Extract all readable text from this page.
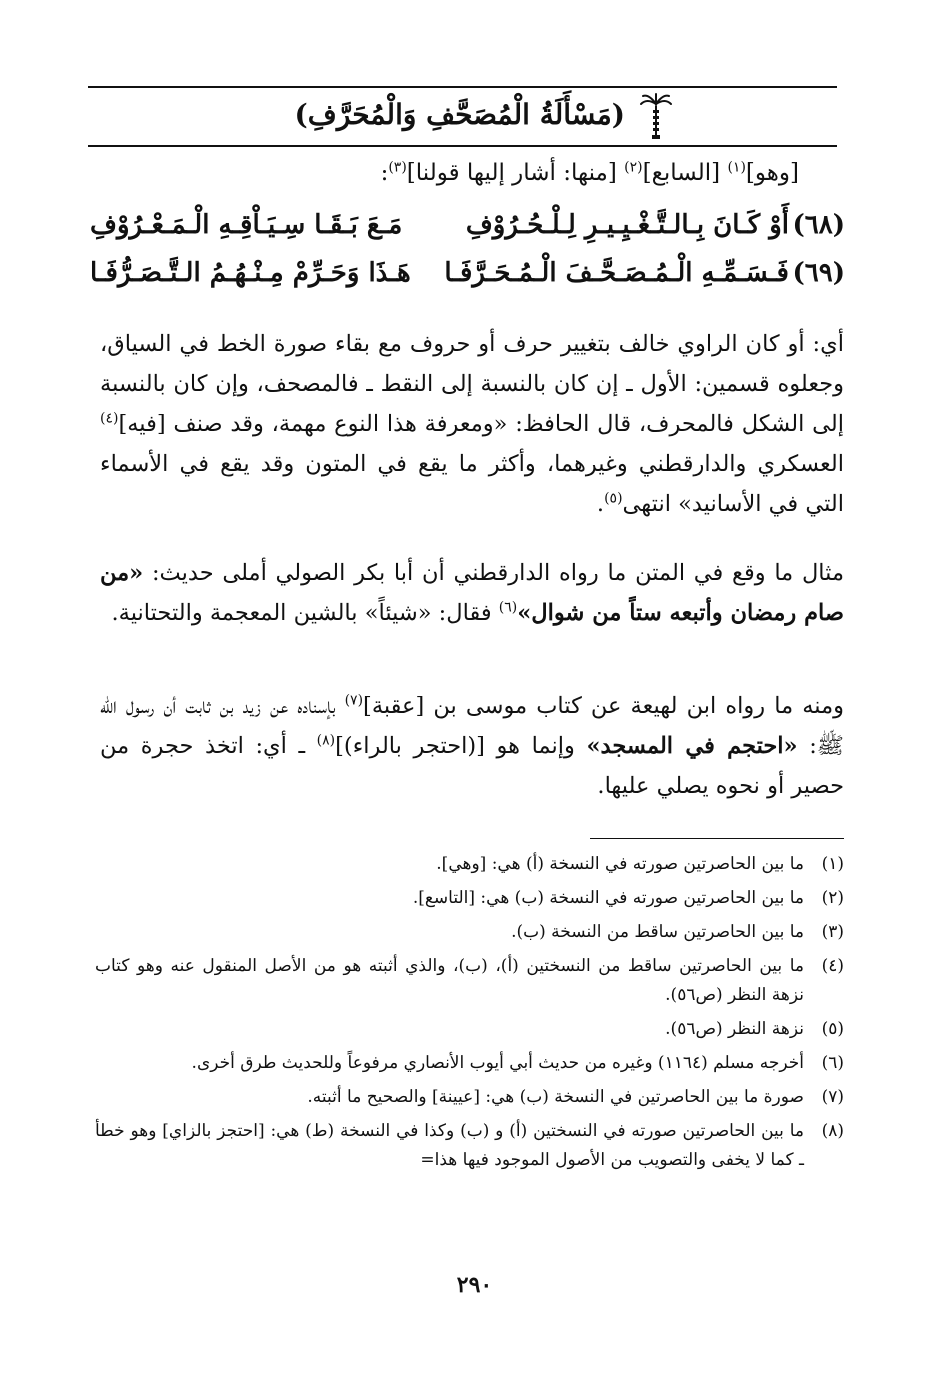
(مَسْأَلَةُ الْمُصَحَّفِ وَالْمُحَرَّفِ)
[وهو]$^{(١)}$ [السابع]$^{(٢)}$ [منها: أشار إليها قولنا]$^{(٣)}$:
(٦٨)
أَوْ كَـانَ بِـالـتَّـغْـيِـيـرِ لِـلْـحُـرُوْفِ
مَـعَ بَـقَـا سِـيَـاْقِـهِ الْـمَـعْـرُوْفِ
(٦٩)
فَـسَـمِّـهِ الْـمُـصَـحَّـفَ الْـمُـحَـرَّفَـا
هَـذَا وَحَـرِّمْ مِـنْـهُـمُ الـتَّـصَـرُّفَـا
أي: أو كان الراوي خالف بتغيير حرف أو حروف مع بقاء صورة الخط في السياق، وجعلوه قسمين: الأول ـ إن كان بالنسبة إلى النقط ـ فالمصحف، وإن كان بالنسبة إلى الشكل فالمحرف، قال الحافظ: «ومعرفة هذا النوع مهمة، وقد صنف [فيه]$^{(٤)}$ العسكري والدارقطني وغيرهما، وأكثر ما يقع في المتون وقد يقع في الأسماء التي في الأسانيد» انتهى$^{(٥)}$.
مثال ما وقع في المتن ما رواه الدارقطني أن أبا بكر الصولي أملى حديث: «من صام رمضان وأتبعه ستاً من شوال»$^{(٦)}$ فقال: «شيئاً» بالشين المعجمة والتحتانية.
ومنه ما رواه ابن لهيعة عن كتاب موسى بن [عقبة]$^{(٧)}$ بإسناده عن زيد بن ثابت أن رسول الله ﷺ: «احتجم في المسجد» وإنما هو [(احتجر بالراء)]$^{(٨)}$ ـ أي: اتخذ حجرة من حصير أو نحوه يصلي عليها.
(١)
ما بين الحاصرتين صورته في النسخة (أ) هي: [وهي].
(٢)
ما بين الحاصرتين صورته في النسخة (ب) هي: [التاسع].
(٣)
ما بين الحاصرتين ساقط من النسخة (ب).
(٤)
ما بين الحاصرتين ساقط من النسختين (أ)، (ب)، والذي أثبته هو من الأصل المنقول عنه وهو كتاب نزهة النظر (ص٥٦).
(٥)
نزهة النظر (ص٥٦).
(٦)
أخرجه مسلم (١١٦٤) وغيره من حديث أبي أيوب الأنصاري مرفوعاً وللحديث طرق أخرى.
(٧)
صورة ما بين الحاصرتين في النسخة (ب) هي: [عيينة] والصحيح ما أثبته.
(٨)
ما بين الحاصرتين صورته في النسختين (أ) و (ب) وكذا في النسخة (ط) هي: [احتجز بالزاي] وهو خطأ ـ كما لا يخفى والتصويب من الأصول الموجود فيها هذا=
٢٩٠
